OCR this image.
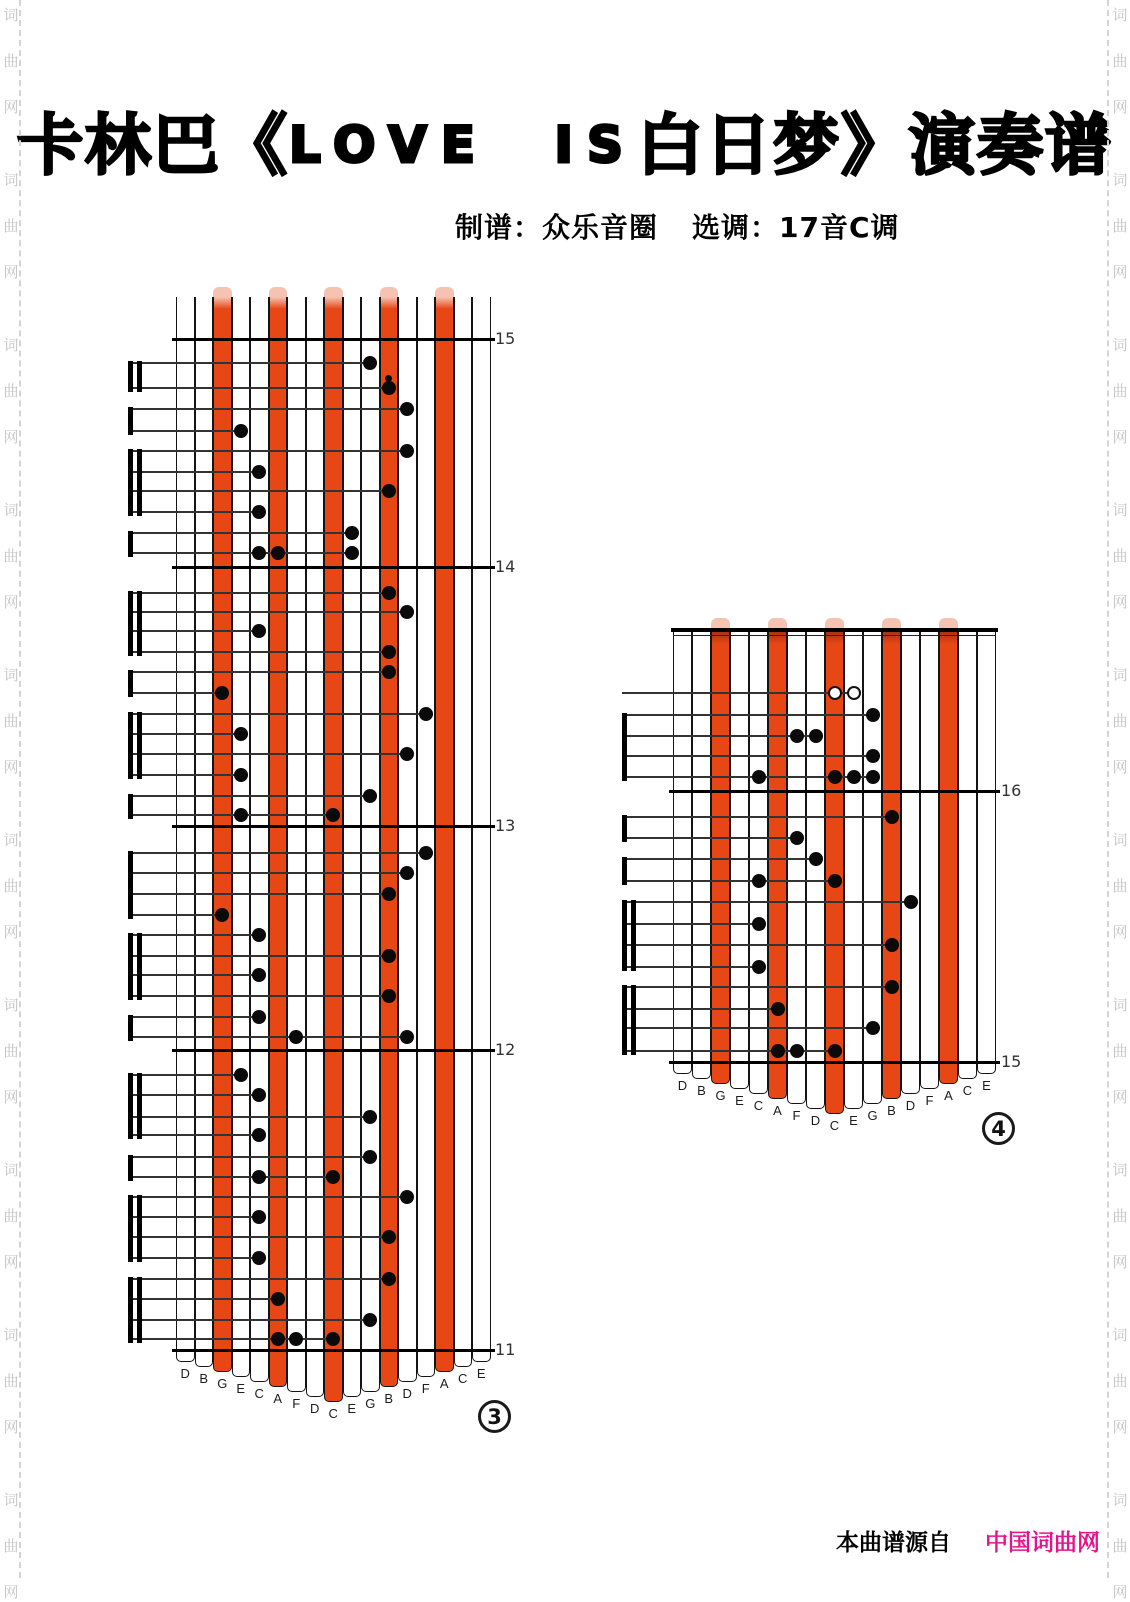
卡林巴《LOVE IS白日梦》演奏谱
制谱：众乐音圈 选调：17音C调
D B G E C A F D C E G B D F A C E
15
14
13
12
11
3
D B G E C A F D C E G B D F A C E
16
15
4
本曲谱源自 中国词曲网
词
曲
网
词
曲
网
词
曲
网
词
曲
网
词
曲
网
词
曲
网
词
曲
网
词
曲
网
词
曲
网
词
曲
网
词
曲
网
词
曲
网
词
曲
网
词
曲
网
词
曲
网
词
曲
网
词
曲
网
词
曲
网
词
曲
网
词
曲
网
